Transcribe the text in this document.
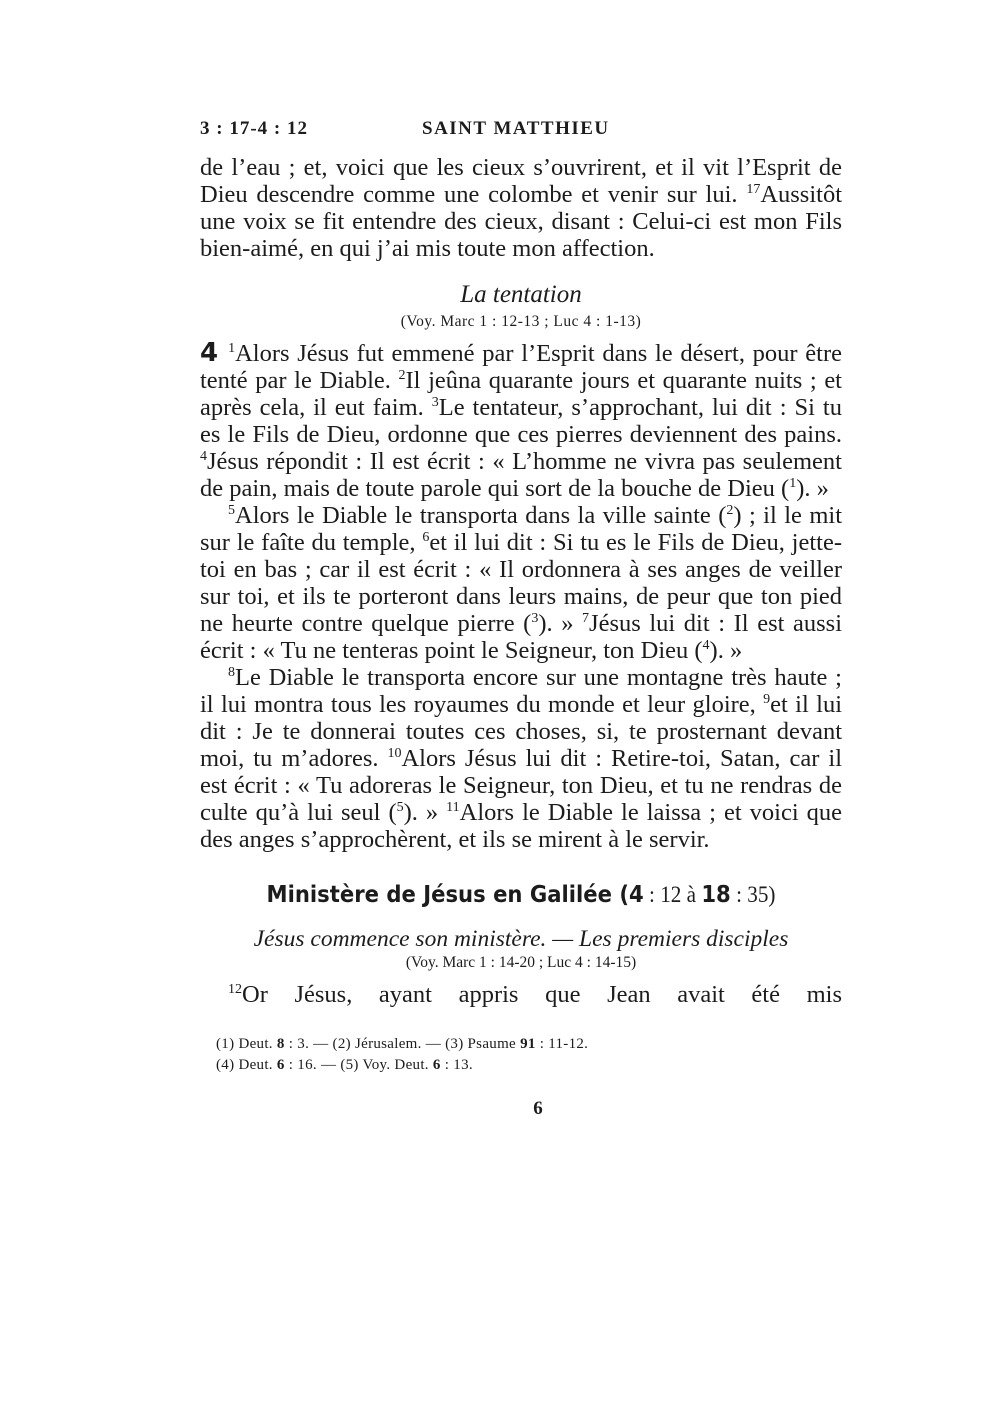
3 : 17-4 : 12	SAINT MATTHIEU

de l’eau ; et, voici que les cieux s’ouvrirent, et il vit l’Esprit de Dieu descendre comme une colombe et venir sur lui. $^{17}$Aussitôt une voix se fit entendre des cieux, disant : Celui-ci est mon Fils bien-aimé, en qui j’ai mis toute mon affection.

La tentation
(Voy. Marc 1 : 12-13 ; Luc 4 : 1-13)

4 $^1$Alors Jésus fut emmené par l’Esprit dans le désert, pour être tenté par le Diable. $^2$Il jeûna quarante jours et quarante nuits ; et après cela, il eut faim. $^3$Le tentateur, s’approchant, lui dit : Si tu es le Fils de Dieu, ordonne que ces pierres deviennent des pains. $^4$Jésus répondit : Il est écrit : « L’homme ne vivra pas seulement de pain, mais de toute parole qui sort de la bouche de Dieu ($^1$). »

$^5$Alors le Diable le transporta dans la ville sainte ($^2$) ; il le mit sur le faîte du temple, $^6$et il lui dit : Si tu es le Fils de Dieu, jette-toi en bas ; car il est écrit : « Il ordonnera à ses anges de veiller sur toi, et ils te porteront dans leurs mains, de peur que ton pied ne heurte contre quelque pierre ($^3$). » $^7$Jésus lui dit : Il est aussi écrit : « Tu ne tenteras point le Seigneur, ton Dieu ($^4$). »

$^8$Le Diable le transporta encore sur une montagne très haute ; il lui montra tous les royaumes du monde et leur gloire, $^9$et il lui dit : Je te donnerai toutes ces choses, si, te prosternant devant moi, tu m’adores. $^{10}$Alors Jésus lui dit : Retire-toi, Satan, car il est écrit : « Tu adoreras le Seigneur, ton Dieu, et tu ne rendras de culte qu’à lui seul ($^5$). » $^{11}$Alors le Diable le laissa ; et voici que des anges s’approchèrent, et ils se mirent à le servir.

Ministère de Jésus en Galilée (4 : 12 à 18 : 35)
Jésus commence son ministère. — Les premiers disciples
(Voy. Marc 1 : 14-20 ; Luc 4 : 14-15)

$^{12}$Or Jésus, ayant appris que Jean avait été mis

(1) Deut. 8 : 3. — (2) Jérusalem. — (3) Psaume 91 : 11-12.
(4) Deut. 6 : 16. — (5) Voy. Deut. 6 : 13.
6
